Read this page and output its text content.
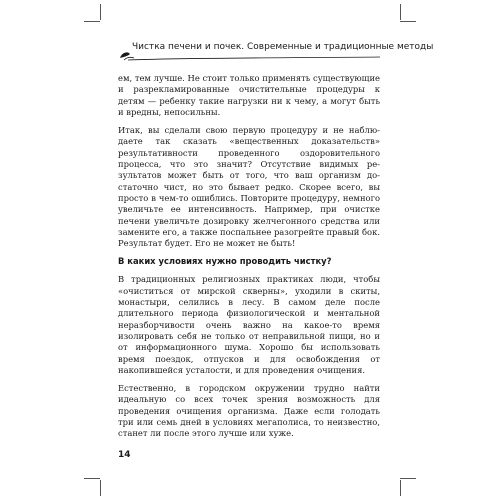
Чистка печени и почек. Современные и традиционные методы

ем, тем лучше. Не стоит только применять существующие и разрекламированные очистительные процедуры к детям — ребенку такие нагрузки ни к чему, а могут быть и вредны, непосильны.

Итак, вы сделали свою первую процедуру и не наблюдаете так сказать «вещественных доказательств» результативности проведенного оздоровительного процесса, что это значит? Отсутствие видимых результатов может быть от того, что ваш организм достаточно чист, но это бывает редко. Скорее всего, вы просто в чем-то ошиблись. Повторите процедуру, немного увеличьте ее интенсивность. Например, при очистке печени увеличьте дозировку желчегонного средства или замените его, а также поспальнее разогрейте правый бок. Результат будет. Его не может не быть!

В каких условиях нужно проводить чистку?

В традиционных религиозных практиках люди, чтобы «очиститься от мирской скверны», уходили в скиты, монастыри, селились в лесу. В самом деле после длительного периода физиологической и ментальной неразборчивости очень важно на какое-то время изолировать себя не только от неправильной пищи, но и от информационного шума. Хорошо бы использовать время поездок, отпусков и для освобождения от накопившейся усталости, и для проведения очищения.

Естественно, в городском окружении трудно найти идеальную со всех точек зрения возможность для проведения очищения организма. Даже если голодать три или семь дней в условиях мегаполиса, то неизвестно, станет ли после этого лучше или хуже.

14
